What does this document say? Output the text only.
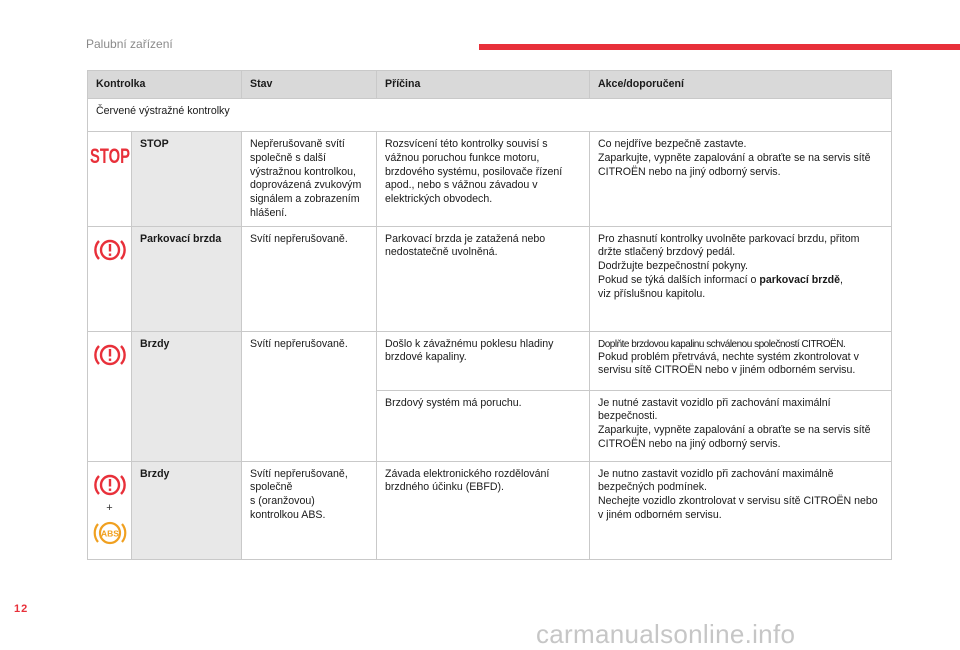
Palubní zařízení
Kontrolka		Stav	Příčina	Akce/doporučení
Červené výstražné kontrolky				

STOP	STOP	Nepřerušovaně svítí společně s další výstražnou kontrolkou, doprovázená zvukovým signálem a zobrazením hlášení.	Rozsvícení této kontrolky souvisí s vážnou poruchou funkce motoru, brzdového systému, posilovače řízení apod., nebo s vážnou závadou v elektrických obvodech.	Co nejdříve bezpečně zastavte.
Zaparkujte, vypněte zapalování a obraťte se na servis sítě CITROËN nebo na jiný odborný servis.
	Parkovací brzda	Svítí nepřerušovaně.	Parkovací brzda je zatažená nebo nedostatečně uvolněná.	Pro zhasnutí kontrolky uvolněte parkovací brzdu, přitom držte stlačený brzdový pedál.
Dodržujte bezpečnostní pokyny.
Pokud se týká dalších informací o parkovací brzdě,
viz příslušnou kapitolu.
	Brzdy	Svítí nepřerušovaně.	Došlo k závažnému poklesu hladiny brzdové kapaliny.	Doplňte brzdovou kapalinu schválenou společností CITROËN.
Pokud problém přetrvává, nechte systém zkontrolovat v servisu sítě CITROËN nebo v jiném odborném servisu.

			Brzdový systém má poruchu.	Je nutné zastavit vozidlo při zachování maximální bezpečnosti.
Zaparkujte, vypněte zapalování a obraťte se na servis sítě CITROËN nebo na jiný odborný servis.

+
ABS	Brzdy	Svítí nepřerušovaně, společně
s (oranžovou)
kontrolkou ABS.	Závada elektronického rozdělování brzdného účinku (EBFD).	Je nutno zastavit vozidlo při zachování maximálně bezpečných podmínek.
Nechejte vozidlo zkontrolovat v servisu sítě CITROËN nebo v jiném odborném servisu.
12
carmanualsonline.info
